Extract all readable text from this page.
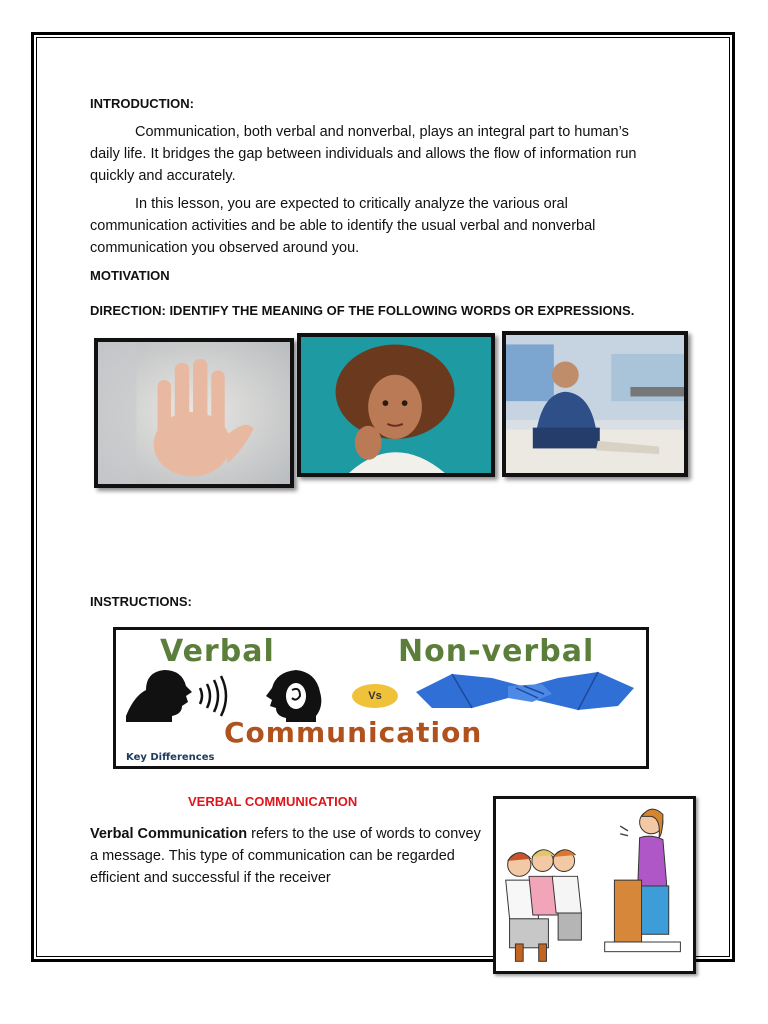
INTRODUCTION:

Communication, both verbal and nonverbal, plays an integral part to human’s daily life. It bridges the gap between individuals and allows the flow of information run quickly and accurately.

In this lesson, you are expected to critically analyze the various oral communication activities and be able to identify the usual verbal and nonverbal communication you observed around you.

MOTIVATION

DIRECTION: IDENTIFY THE MEANING OF THE FOLLOWING WORDS OR EXPRESSIONS.

INSTRUCTIONS:

Verbal	Non-verbal
Vs
Communication
Key Differences

VERBAL COMMUNICATION

Verbal Communication refers to the use of words to convey a message. This type of communication can be regarded efficient and successful if the receiver
